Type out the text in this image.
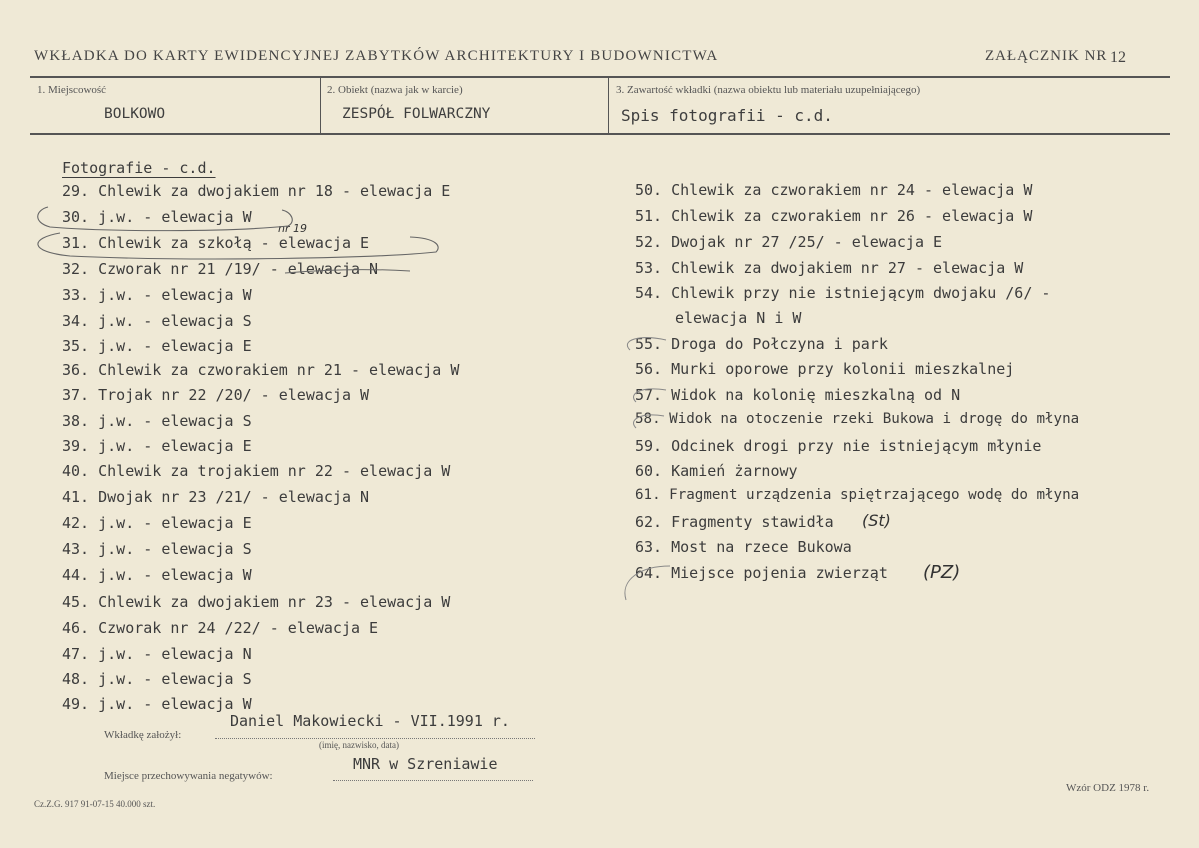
WKŁADKA DO KARTY EWIDENCYJNEJ ZABYTKÓW ARCHITEKTURY I BUDOWNICTWA	ZAŁĄCZNIK NR 12
1. Miejscowość
BOLKOWO
2. Obiekt (nazwa jak w karcie)
ZESPÓŁ FOLWARCZNY
3. Zawartość wkładki (nazwa obiektu lub materiału uzupełniającego)
Spis fotografii - c.d.
Fotografie - c.d.
29. Chlewik za dwojakiem nr 18 - elewacja E
30. j.w. - elewacja W
31. Chlewik za szkołą - elewacja E
32. Czworak nr 21 /19/ - elewacja N
33. j.w. - elewacja W
34. j.w. - elewacja S
35. j.w. - elewacja E
36. Chlewik za czworakiem nr 21 - elewacja W
37. Trojak nr 22 /20/ - elewacja W
38. j.w. - elewacja S
39. j.w. - elewacja E
40. Chlewik za trojakiem nr 22 - elewacja W
41. Dwojak nr 23 /21/ - elewacja N
42. j.w. - elewacja E
43. j.w. - elewacja S
44. j.w. - elewacja W
45. Chlewik za dwojakiem nr 23 - elewacja W
46. Czworak nr 24 /22/ - elewacja E
47. j.w. - elewacja N
48. j.w. - elewacja S
49. j.w. - elewacja W
50. Chlewik za czworakiem nr 24 - elewacja W
51. Chlewik za czworakiem nr 26 - elewacja W
52. Dwojak nr 27 /25/ - elewacja E
53. Chlewik za dwojakiem nr 27 - elewacja W
54. Chlewik przy nie istniejącym dwojaku /6/ -
elewacja N i W
55. Droga do Połczyna i park
56. Murki oporowe przy kolonii mieszkalnej
57. Widok na kolonię mieszkalną od N
58. Widok na otoczenie rzeki Bukowa i drogę do młyna
59. Odcinek drogi przy nie istniejącym młynie
60. Kamień żarnowy
61. Fragment urządzenia spiętrzającego wodę do młyna
62. Fragmenty stawidła
63. Most na rzece Bukowa
64. Miejsce pojenia zwierząt
nr 19
(St)
(PZ)
Wkładkę założył:
Daniel Makowiecki - VII.1991 r.
(imię, nazwisko, data)
Miejsce przechowywania negatywów:
MNR w Szreniawie
Cz.Z.G. 917 91-07-15 40.000 szt.
Wzór ODZ 1978 r.
